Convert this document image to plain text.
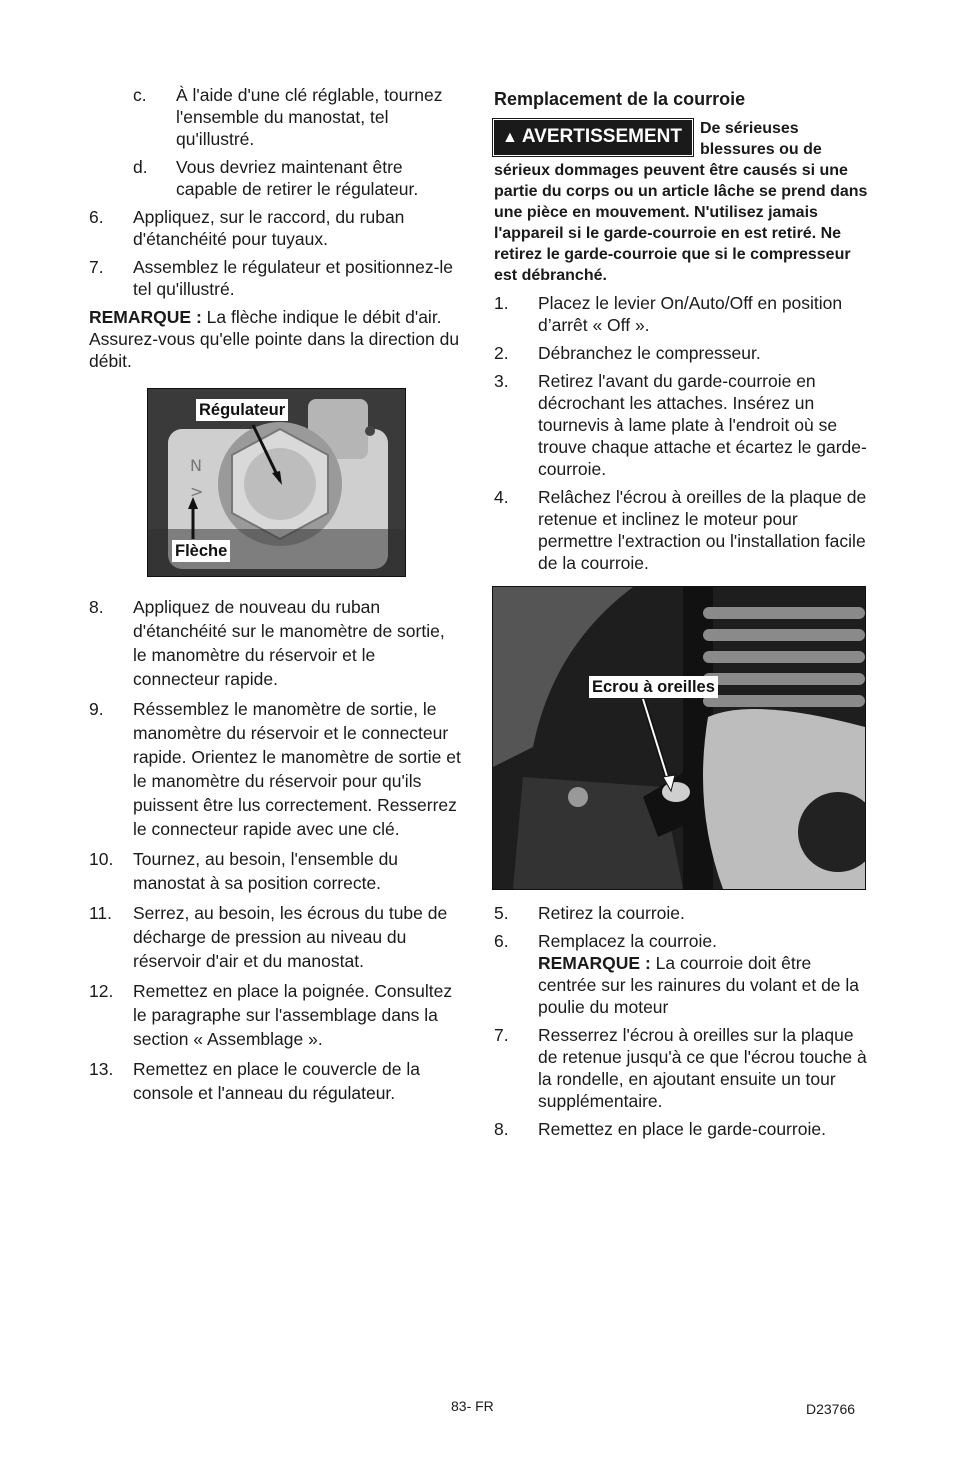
c.	À l'aide d'une clé réglable, tournez l'ensemble du manostat, tel qu'illustré.
d.	Vous devriez maintenant être capable de retirer le régulateur.
6.	Appliquez, sur le raccord, du ruban d'étanchéité pour tuyaux.
7.	Assemblez le régulateur et positionnez-le tel qu'illustré.
REMARQUE : La flèche indique le débit d'air. Assurez-vous qu'elle pointe dans la direction du débit.
N
>
Régulateur
Flèche
8.	Appliquez de nouveau du ruban d'étanchéité sur le manomètre de sortie, le manomètre du réservoir et le connecteur rapide.
9.	Réssemblez le manomètre de sortie, le manomètre du réservoir et le connecteur rapide. Orientez le manomètre de sortie et le manomètre du réservoir pour qu'ils puissent être lus correctement. Resserrez le connecteur rapide avec une clé.
10.	Tournez, au besoin, l'ensemble du manostat à sa position correcte.
11.	Serrez, au besoin, les écrous du tube de décharge de pression au niveau du réservoir d'air et du manostat.
12.	Remettez en place la poignée. Consultez le paragraphe sur l'assemblage dans la section « Assemblage ».
13.	Remettez en place le couvercle de la console et l'anneau du régulateur.
Remplacement de la courroie
▲ AVERTISSEMENT	De sérieuses blessures ou de sérieux dommages peuvent être causés si une partie du corps ou un article lâche se prend dans une pièce en mouvement. N'utilisez jamais l'appareil si le garde-courroie en est retiré. Ne retirez le garde-courroie que si le compresseur est débranché.
1.	Placez le levier On/Auto/Off en position d’arrêt « Off ».
2.	Débranchez le compresseur.
3.	Retirez l'avant du garde-courroie en décrochant les attaches. Insérez un tournevis à lame plate à l'endroit où se trouve chaque attache et écartez le garde-courroie.
4.	Relâchez l'écrou à oreilles de la plaque de retenue et inclinez le moteur pour permettre l'extraction ou l'installation facile de la courroie.
Ecrou à oreilles
5.	Retirez la courroie.
6.	Remplacez la courroie.
REMARQUE : La courroie doit être centrée sur les rainures du volant et de la poulie du moteur
7.	Resserrez l'écrou à oreilles sur la plaque de retenue jusqu'à ce que l'écrou touche à la rondelle, en ajoutant ensuite un tour supplémentaire.
8.	Remettez en place le garde-courroie.
83- FR	D23766
